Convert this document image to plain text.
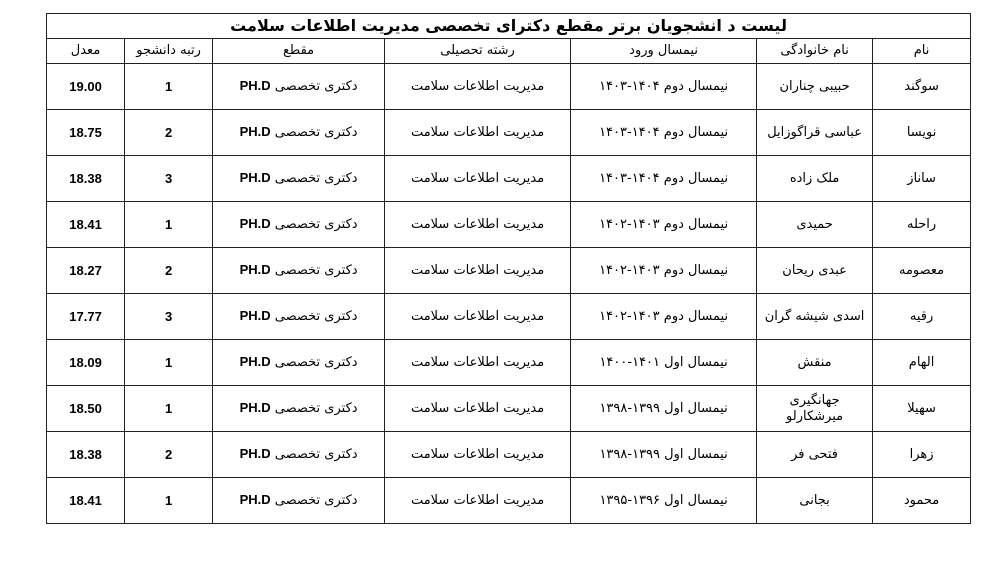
لیست د انشجویان برتر مقطع دکترای تخصصی مدیریت اطلاعات سلامت						
نام	نام خانوادگی	نیمسال ورود	رشته تحصیلی	مقطع	رتبه دانشجو	معدل
سوگند	حبیبی چناران	نیمسال دوم ۱۴۰۴-۱۴۰۳	مدیریت اطلاعات سلامت	دکتری تخصصی PH.D	1	19.00
نویسا	عباسی قراگوزایل	نیمسال دوم ۱۴۰۴-۱۴۰۳	مدیریت اطلاعات سلامت	دکتری تخصصی PH.D	2	18.75
ساناز	ملک زاده	نیمسال دوم ۱۴۰۴-۱۴۰۳	مدیریت اطلاعات سلامت	دکتری تخصصی PH.D	3	18.38
راحله	حمیدی	نیمسال دوم ۱۴۰۳-۱۴۰۲	مدیریت اطلاعات سلامت	دکتری تخصصی PH.D	1	18.41
معصومه	عبدی ریحان	نیمسال دوم ۱۴۰۳-۱۴۰۲	مدیریت اطلاعات سلامت	دکتری تخصصی PH.D	2	18.27
رقیه	اسدی شیشه گران	نیمسال دوم ۱۴۰۳-۱۴۰۲	مدیریت اطلاعات سلامت	دکتری تخصصی PH.D	3	17.77
الهام	منقش	نیمسال اول ۱۴۰۱-۱۴۰۰	مدیریت اطلاعات سلامت	دکتری تخصصی PH.D	1	18.09
سهیلا	جهانگیری میرشکارلو	نیمسال اول ۱۳۹۹-۱۳۹۸	مدیریت اطلاعات سلامت	دکتری تخصصی PH.D	1	18.50
زهرا	فتحی فر	نیمسال اول ۱۳۹۹-۱۳۹۸	مدیریت اطلاعات سلامت	دکتری تخصصی PH.D	2	18.38
محمود	بجانی	نیمسال اول ۱۳۹۶-۱۳۹۵	مدیریت اطلاعات سلامت	دکتری تخصصی PH.D	1	18.41
